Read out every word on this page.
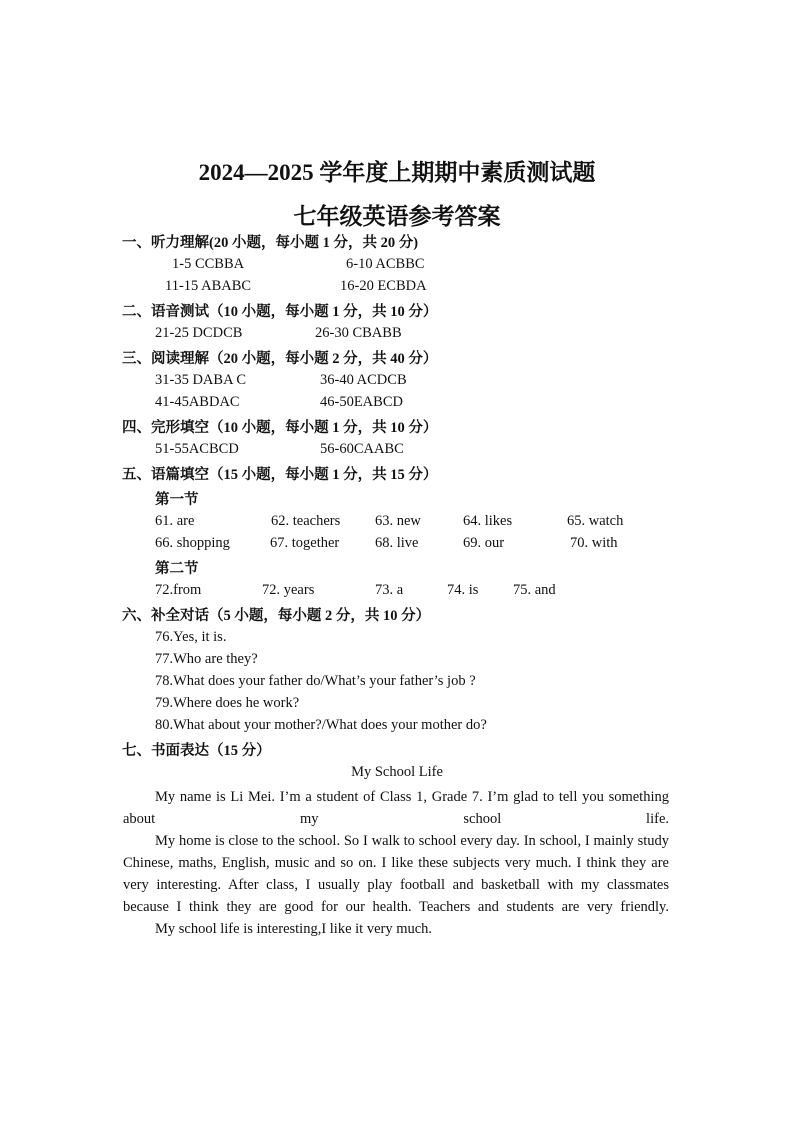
2024—2025 学年度上期期中素质测试题
七年级英语参考答案
一、听力理解(20 小题，每小题 1 分，共 20 分)
1-5 CCBBA	6-10 ACBBC
11-15 ABABC	16-20 ECBDA
二、语音测试（10 小题，每小题 1 分，共 10 分）
21-25 DCDCB	26-30 CBABB
三、阅读理解（20 小题，每小题 2 分，共 40 分）
31-35 DABA C	36-40 ACDCB
41-45ABDAC	46-50EABCD
四、完形填空（10 小题，每小题 1 分，共 10 分）
51-55ACBCD	56-60CAABC
五、语篇填空（15 小题，每小题 1 分，共 15 分）
第一节
61. are	62. teachers 63. new	64. likes	65. watch
66. shopping	67. together 68. live	69. our	70. with
第二节
72.from	72. years	73. a	74. is 75. and
六、补全对话（5 小题，每小题 2 分，共 10 分）
76.Yes, it is.
77.Who are they?
78.What does your father do/What’s your father’s job ?
79.Where does he work?
80.What about your mother?/What does your mother do?
七、书面表达（15 分）
My School Life

My name is Li Mei. I’m a student of Class 1, Grade 7. I’m glad to tell you something about my school life.

My home is close to the school. So I walk to school every day. In school, I mainly study Chinese, maths, English, music and so on. I like these subjects very much. I think they are very interesting. After class, I usually play football and basketball with my classmates because I think they are good for our health. Teachers and students are very friendly.

My school life is interesting,I like it very much.
